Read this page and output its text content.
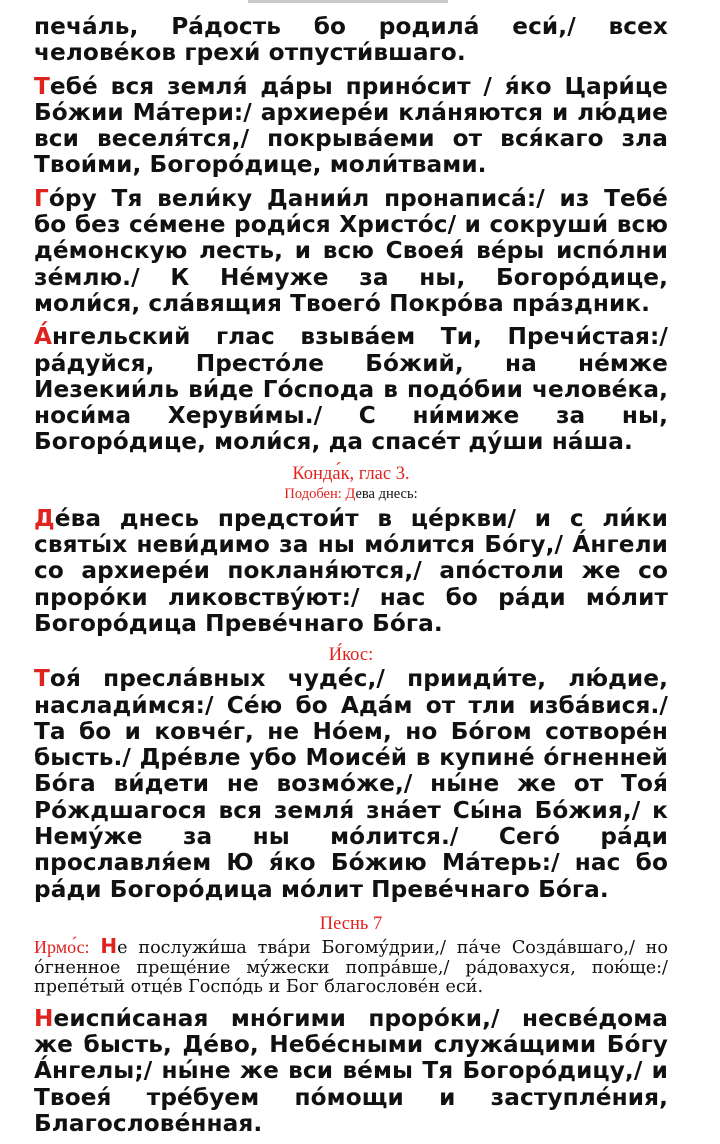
печа́ль, Ра́дость бо родила́ еси́,/ всех челове́ков грехи́ отпусти́вшаго.

Тебе́ вся земля́ да́ры прино́сит / я́ко Цари́це Бо́жии Ма́тери:/ архиере́и кла́няются и лю́дие вси веселя́тся,/ покрыва́еми от вся́каго зла Твои́ми, Богоро́дице, моли́твами.

Го́ру Тя вели́ку Дании́л пронаписа́:/ из Тебе́ бо без се́мене роди́ся Христо́с/ и сокруши́ всю де́монскую лесть, и всю Своея́ ве́ры испо́лни зе́млю./ К Не́муже за ны, Богоро́дице, моли́ся, сла́вящия Твоего́ Покро́ва пра́здник.

А́нгельский глас взыва́ем Ти, Пречи́стая:/ ра́дуйся, Престо́ле Бо́жий, на не́мже Иезекии́ль ви́де Го́спода в подо́бии челове́ка, носи́ма Херуви́мы./ С ни́миже за ны, Богоро́дице, моли́ся, да спасе́т ду́ши на́ша.

Конда́к, глас 3.
Подобен: Дева днесь:

Де́ва днесь предстои́т в це́ркви/ и с ли́ки святы́х неви́димо за ны мо́лится Бо́гу,/ А́нгели со архиере́и покланя́ются,/ апо́столи же со проро́ки ликовству́ют:/ нас бо ра́ди мо́лит Богоро́дица Преве́чнаго Бо́га.

И́кос:

Тоя́ пресла́вных чуде́с,/ прииди́те, лю́дие, наслади́мся:/ Се́ю бо Ада́м от тли изба́вися./ Та бо и ковче́г, не Но́ем, но Бо́гом сотворе́н бысть./ Дре́вле убо Моисе́й в купине́ о́гненней Бо́га ви́дети не возмо́же,/ ны́не же от Тоя́ Ро́ждшагося вся земля́ зна́ет Сы́на Бо́жия,/ к Нему́же за ны мо́лится./ Сего́ ра́ди прославля́ем Ю я́ко Бо́жию Ма́терь:/ нас бо ра́ди Богоро́дица мо́лит Преве́чнаго Бо́га.

Песнь 7

Ирмо́с: Не послужи́ша тва́ри Богому́дрии,/ па́че Созда́вшаго,/ но о́гненное преще́ние му́жески попра́вше,/ ра́довахуся, пою́ще:/ препе́тый отце́в Госпо́дь и Бог благослове́н еси́.

Неиспи́саная мно́гими проро́ки,/ несве́дома же бысть, Де́во, Небе́сными служа́щими Бо́гу А́нгелы;/ ны́не же вси ве́мы Тя Богоро́дицу,/ и Твоея́ тре́буем по́мощи и заступле́ния, Благослове́нная.
